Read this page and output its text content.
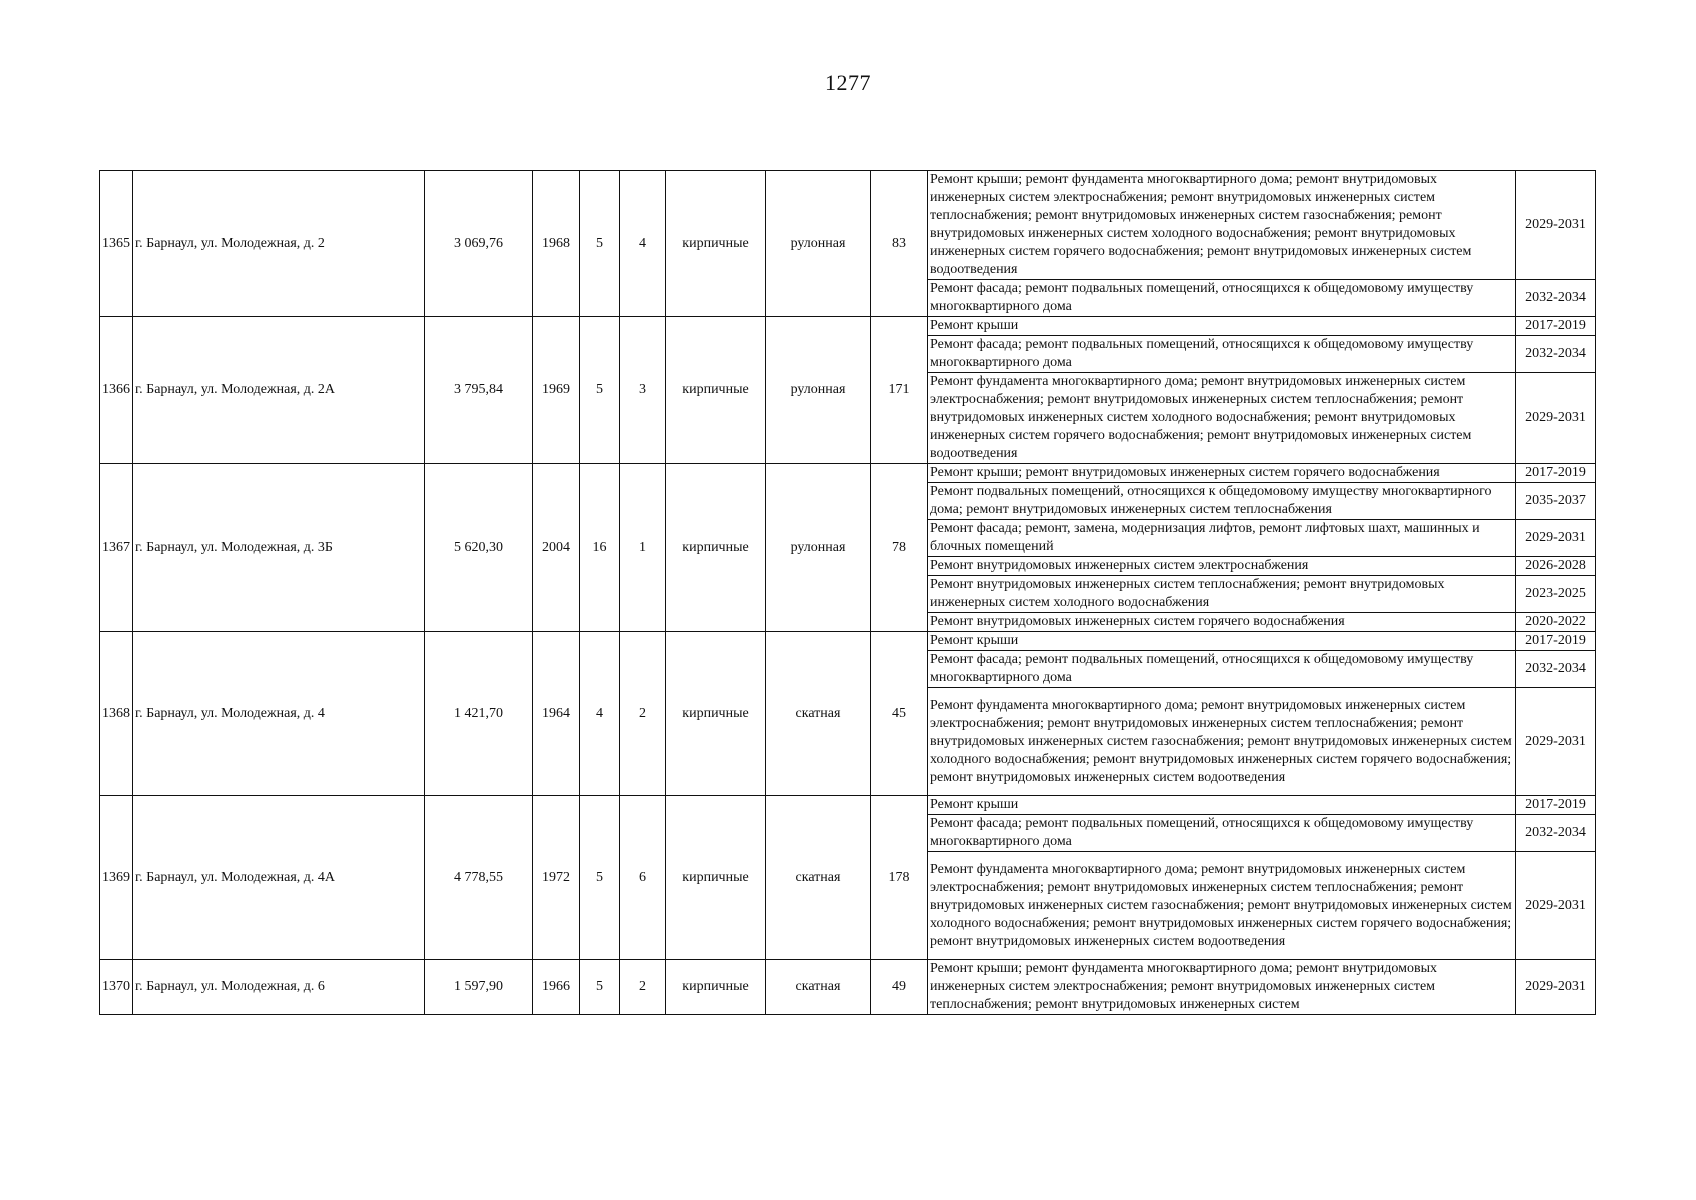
1277
1365	г. Барнаул, ул. Молодежная, д. 2	3 069,76	1968	5	4	кирпичные	рулонная	83	Ремонт крыши; ремонт фундамента многоквартирного дома; ремонт внутридомовых инженерных систем электроснабжения; ремонт внутридомовых инженерных систем теплоснабжения; ремонт внутридомовых инженерных систем газоснабжения; ремонт внутридомовых инженерных систем холодного водоснабжения; ремонт внутридомовых инженерных систем горячего водоснабжения; ремонт внутридомовых инженерных систем водоотведения	2029-2031
									Ремонт фасада; ремонт подвальных помещений, относящихся к общедомовому имуществу многоквартирного дома	2032-2034
1366	г. Барнаул, ул. Молодежная, д. 2А	3 795,84	1969	5	3	кирпичные	рулонная	171	Ремонт крыши	2017-2019
									Ремонт фасада; ремонт подвальных помещений, относящихся к общедомовому имуществу многоквартирного дома	2032-2034
									Ремонт фундамента многоквартирного дома; ремонт внутридомовых инженерных систем электроснабжения; ремонт внутридомовых инженерных систем теплоснабжения; ремонт внутридомовых инженерных систем холодного водоснабжения; ремонт внутридомовых инженерных систем горячего водоснабжения; ремонт внутридомовых инженерных систем водоотведения	2029-2031
1367	г. Барнаул, ул. Молодежная, д. 3Б	5 620,30	2004	16	1	кирпичные	рулонная	78	Ремонт крыши; ремонт внутридомовых инженерных систем горячего водоснабжения	2017-2019
									Ремонт подвальных помещений, относящихся к общедомовому имуществу многоквартирного дома; ремонт внутридомовых инженерных систем теплоснабжения	2035-2037
									Ремонт фасада; ремонт, замена, модернизация лифтов, ремонт лифтовых шахт, машинных и блочных помещений	2029-2031
									Ремонт внутридомовых инженерных систем электроснабжения	2026-2028
									Ремонт внутридомовых инженерных систем теплоснабжения; ремонт внутридомовых инженерных систем холодного водоснабжения	2023-2025
									Ремонт внутридомовых инженерных систем горячего водоснабжения	2020-2022
1368	г. Барнаул, ул. Молодежная, д. 4	1 421,70	1964	4	2	кирпичные	скатная	45	Ремонт крыши	2017-2019
									Ремонт фасада; ремонт подвальных помещений, относящихся к общедомовому имуществу многоквартирного дома	2032-2034
									Ремонт фундамента многоквартирного дома; ремонт внутридомовых инженерных систем электроснабжения; ремонт внутридомовых инженерных систем теплоснабжения; ремонт внутридомовых инженерных систем газоснабжения; ремонт внутридомовых инженерных систем холодного водоснабжения; ремонт внутридомовых инженерных систем горячего водоснабжения; ремонт внутридомовых инженерных систем водоотведения	2029-2031
1369	г. Барнаул, ул. Молодежная, д. 4А	4 778,55	1972	5	6	кирпичные	скатная	178	Ремонт крыши	2017-2019
									Ремонт фасада; ремонт подвальных помещений, относящихся к общедомовому имуществу многоквартирного дома	2032-2034
									Ремонт фундамента многоквартирного дома; ремонт внутридомовых инженерных систем электроснабжения; ремонт внутридомовых инженерных систем теплоснабжения; ремонт внутридомовых инженерных систем газоснабжения; ремонт внутридомовых инженерных систем холодного водоснабжения; ремонт внутридомовых инженерных систем горячего водоснабжения; ремонт внутридомовых инженерных систем водоотведения	2029-2031
1370	г. Барнаул, ул. Молодежная, д. 6	1 597,90	1966	5	2	кирпичные	скатная	49	Ремонт крыши; ремонт фундамента многоквартирного дома; ремонт внутридомовых инженерных систем электроснабжения; ремонт внутридомовых инженерных систем теплоснабжения; ремонт внутридомовых инженерных систем	2029-2031
